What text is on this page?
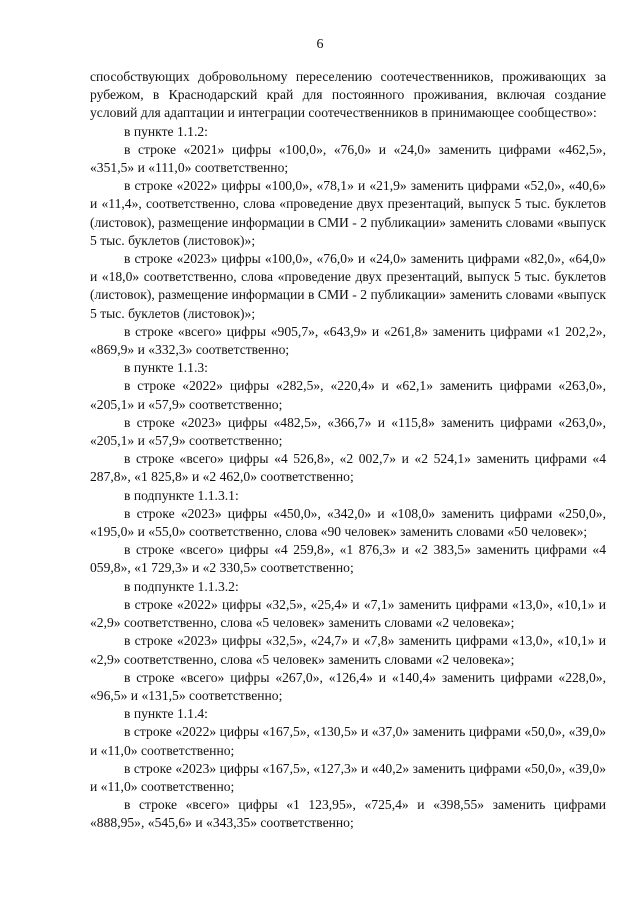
6

способствующих добровольному переселению соотечественников, проживающих за рубежом, в Краснодарский край для постоянного проживания, включая создание условий для адаптации и интеграции соотечественников в принимающее сообщество»:

в пункте 1.1.2:

в строке «2021» цифры «100,0», «76,0» и «24,0» заменить цифрами «462,5», «351,5» и «111,0» соответственно;

в строке «2022» цифры «100,0», «78,1» и «21,9» заменить цифрами «52,0», «40,6» и «11,4», соответственно, слова «проведение двух презентаций, выпуск 5 тыс. буклетов (листовок), размещение информации в СМИ - 2 публикации» заменить словами «выпуск 5 тыс. буклетов (листовок)»;

в строке «2023» цифры «100,0», «76,0» и «24,0» заменить цифрами «82,0», «64,0» и «18,0» соответственно, слова «проведение двух презентаций, выпуск 5 тыс. буклетов (листовок), размещение информации в СМИ - 2 публикации» заменить словами «выпуск 5 тыс. буклетов (листовок)»;

в строке «всего» цифры «905,7», «643,9» и «261,8» заменить цифрами «1 202,2», «869,9» и «332,3» соответственно;

в пункте 1.1.3:

в строке «2022» цифры «282,5», «220,4» и «62,1» заменить цифрами «263,0», «205,1» и «57,9» соответственно;

в строке «2023» цифры «482,5», «366,7» и «115,8» заменить цифрами «263,0», «205,1» и «57,9» соответственно;

в строке «всего» цифры «4 526,8», «2 002,7» и «2 524,1» заменить цифрами «4 287,8», «1 825,8» и «2 462,0» соответственно;

в подпункте 1.1.3.1:

в строке «2023» цифры «450,0», «342,0» и «108,0» заменить цифрами «250,0», «195,0» и «55,0» соответственно, слова «90 человек» заменить словами «50 человек»;

в строке «всего» цифры «4 259,8», «1 876,3» и «2 383,5» заменить цифрами «4 059,8», «1 729,3» и «2 330,5» соответственно;

в подпункте 1.1.3.2:

в строке «2022» цифры «32,5», «25,4» и «7,1» заменить цифрами «13,0», «10,1» и «2,9» соответственно, слова «5 человек» заменить словами «2 человека»;

в строке «2023» цифры «32,5», «24,7» и «7,8» заменить цифрами «13,0», «10,1» и «2,9» соответственно, слова «5 человек» заменить словами «2 человека»;

в строке «всего» цифры «267,0», «126,4» и «140,4» заменить цифрами «228,0», «96,5» и «131,5» соответственно;

в пункте 1.1.4:

в строке «2022» цифры «167,5», «130,5» и «37,0» заменить цифрами «50,0», «39,0» и «11,0» соответственно;

в строке «2023» цифры «167,5», «127,3» и «40,2» заменить цифрами «50,0», «39,0» и «11,0» соответственно;

в строке «всего» цифры «1 123,95», «725,4» и «398,55» заменить цифрами «888,95», «545,6» и «343,35» соответственно;
